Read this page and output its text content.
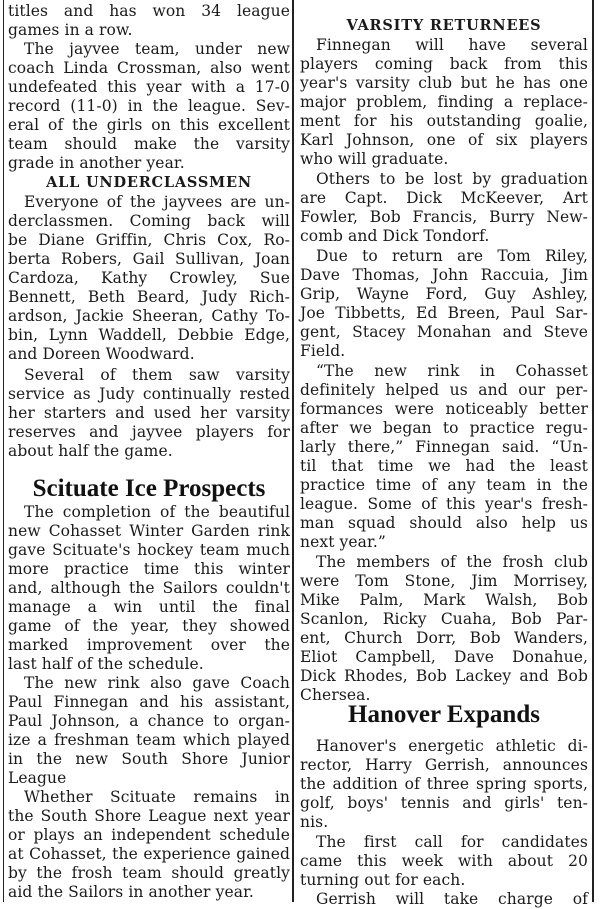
titles and has won 34 league
games in a row.
The jayvee team, under new
coach Linda Crossman, also went
undefeated this year with a 17-0
record (11-0) in the league. Sev-
eral of the girls on this excellent
team should make the varsity
grade in another year.
ALL UNDERCLASSMEN
Everyone of the jayvees are un-
derclassmen. Coming back will
be Diane Griffin, Chris Cox, Ro-
berta Robers, Gail Sullivan, Joan
Cardoza, Kathy Crowley, Sue
Bennett, Beth Beard, Judy Rich-
ardson, Jackie Sheeran, Cathy To-
bin, Lynn Waddell, Debbie Edge,
and Doreen Woodward.
Several of them saw varsity
service as Judy continually rested
her starters and used her varsity
reserves and jayvee players for
about half the game.
Scituate Ice Prospects
The completion of the beautiful
new Cohasset Winter Garden rink
gave Scituate's hockey team much
more practice time this winter
and, although the Sailors couldn't
manage a win until the final
game of the year, they showed
marked improvement over the
last half of the schedule.
The new rink also gave Coach
Paul Finnegan and his assistant,
Paul Johnson, a chance to organ-
ize a freshman team which played
in the new South Shore Junior
League
Whether Scituate remains in
the South Shore League next year
or plays an independent schedule
at Cohasset, the experience gained
by the frosh team should greatly
aid the Sailors in another year.
VARSITY RETURNEES
Finnegan will have several
players coming back from this
year's varsity club but he has one
major problem, finding a replace-
ment for his outstanding goalie,
Karl Johnson, one of six players
who will graduate.
Others to be lost by graduation
are Capt. Dick McKeever, Art
Fowler, Bob Francis, Burry New-
comb and Dick Tondorf.
Due to return are Tom Riley,
Dave Thomas, John Raccuia, Jim
Grip, Wayne Ford, Guy Ashley,
Joe Tibbetts, Ed Breen, Paul Sar-
gent, Stacey Monahan and Steve
Field.
“The new rink in Cohasset
definitely helped us and our per-
formances were noticeably better
after we began to practice regu-
larly there,” Finnegan said. “Un-
til that time we had the least
practice time of any team in the
league. Some of this year's fresh-
man squad should also help us
next year.”
The members of the frosh club
were Tom Stone, Jim Morrisey,
Mike Palm, Mark Walsh, Bob
Scanlon, Ricky Cuaha, Bob Par-
ent, Church Dorr, Bob Wanders,
Eliot Campbell, Dave Donahue,
Dick Rhodes, Bob Lackey and Bob
Chersea.
Hanover Expands
Hanover's energetic athletic di-
rector, Harry Gerrish, announces
the addition of three spring sports,
golf, boys' tennis and girls' ten-
nis.
The first call for candidates
came this week with about 20
turning out for each.
Gerrish will take charge of
